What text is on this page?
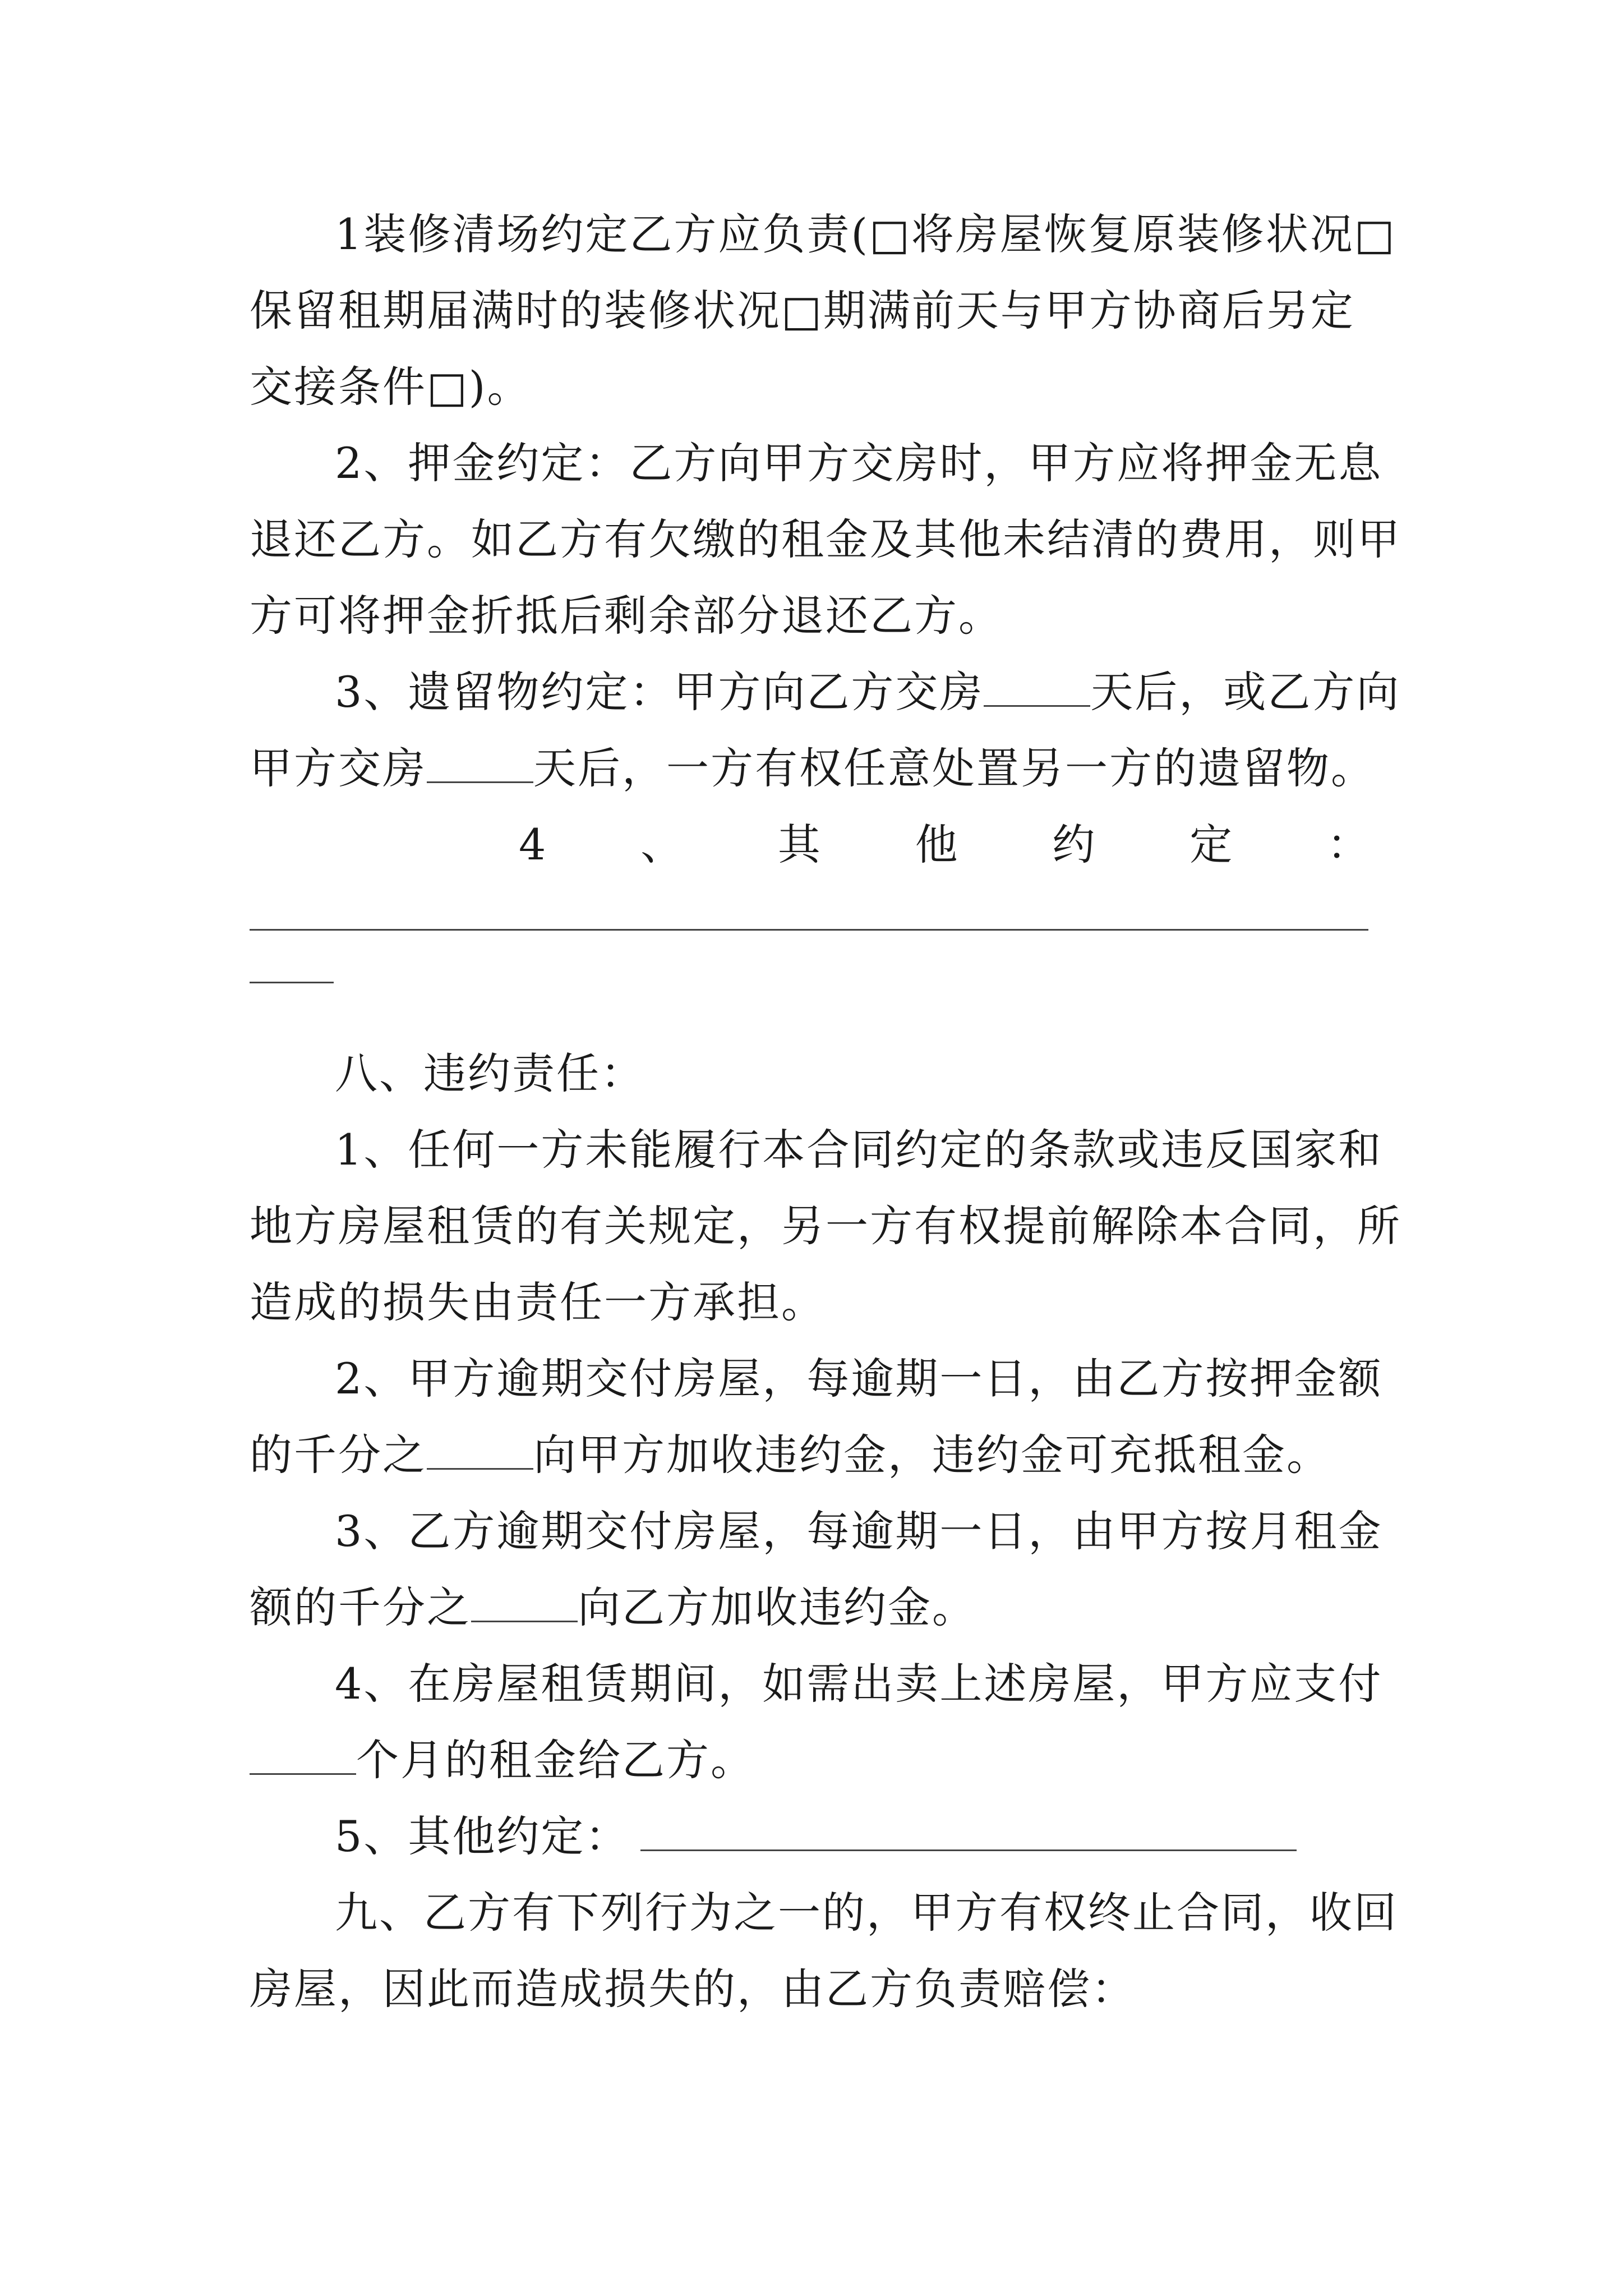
1装修清场约定乙方应负责(□将房屋恢复原装修状况□
保留租期届满时的装修状况□期满前天与甲方协商后另定
交接条件□)。
2、押金约定：乙方向甲方交房时，甲方应将押金无息
退还乙方。如乙方有欠缴的租金及其他未结清的费用，则甲
方可将押金折抵后剩余部分退还乙方。
3、遗留物约定：甲方向乙方交房	天后，或乙方向
甲方交房	天后，一方有权任意处置另一方的遗留物。
4 、 其 他 约 定 ：
八、违约责任：
1、任何一方未能履行本合同约定的条款或违反国家和
地方房屋租赁的有关规定，另一方有权提前解除本合同，所
造成的损失由责任一方承担。
2、甲方逾期交付房屋，每逾期一日，由乙方按押金额
的千分之	向甲方加收违约金，违约金可充抵租金。
3、乙方逾期交付房屋，每逾期一日，由甲方按月租金
额的千分之	向乙方加收违约金。
4、在房屋租赁期间，如需出卖上述房屋，甲方应支付
个月的租金给乙方。
5、其他约定：
九、乙方有下列行为之一的，甲方有权终止合同，收回
房屋，因此而造成损失的，由乙方负责赔偿：
